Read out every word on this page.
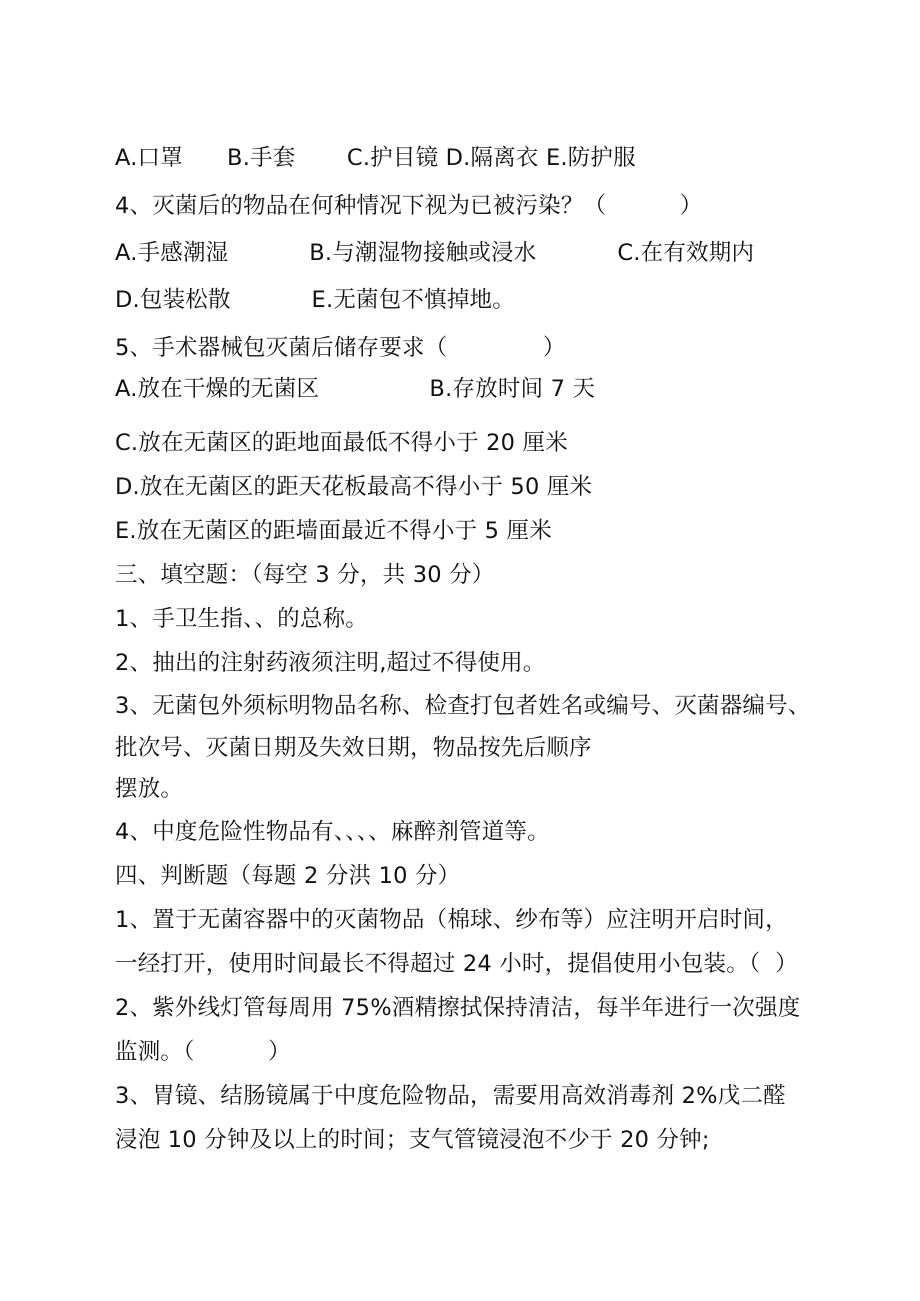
A.口罩      B.手套       C.护目镜 D.隔离衣 E.防护服
4、灭菌后的物品在何种情况下视为已被污染？（          ）
A.手感潮湿           B.与潮湿物接触或浸水           C.在有效期内
D.包装松散           E.无菌包不慎掉地。
5、手术器械包灭菌后储存要求（             ）
A.放在干燥的无菌区               B.存放时间 7 天
C.放在无菌区的距地面最低不得小于 20 厘米
D.放在无菌区的距天花板最高不得小于 50 厘米
E.放在无菌区的距墙面最近不得小于 5 厘米
三、填空题：（每空 3 分，共 30 分）
1、手卫生指、、的总称。
2、抽出的注射药液须注明,超过不得使用。
3、无菌包外须标明物品名称、检查打包者姓名或编号、灭菌器编号、
批次号、灭菌日期及失效日期，物品按先后顺序
摆放。
4、中度危险性物品有、、、、麻醉剂管道等。
四、判断题（每题 2 分洪 10 分）
1、置于无菌容器中的灭菌物品（棉球、纱布等）应注明开启时间，
一经打开，使用时间最长不得超过 24 小时，提倡使用小包装。（  ）
2、紫外线灯管每周用 75%酒精擦拭保持清洁，每半年进行一次强度
监测。（          ）
3、胃镜、结肠镜属于中度危险物品，需要用高效消毒剂 2%戊二醛
浸泡 10 分钟及以上的时间；支气管镜浸泡不少于 20 分钟;
